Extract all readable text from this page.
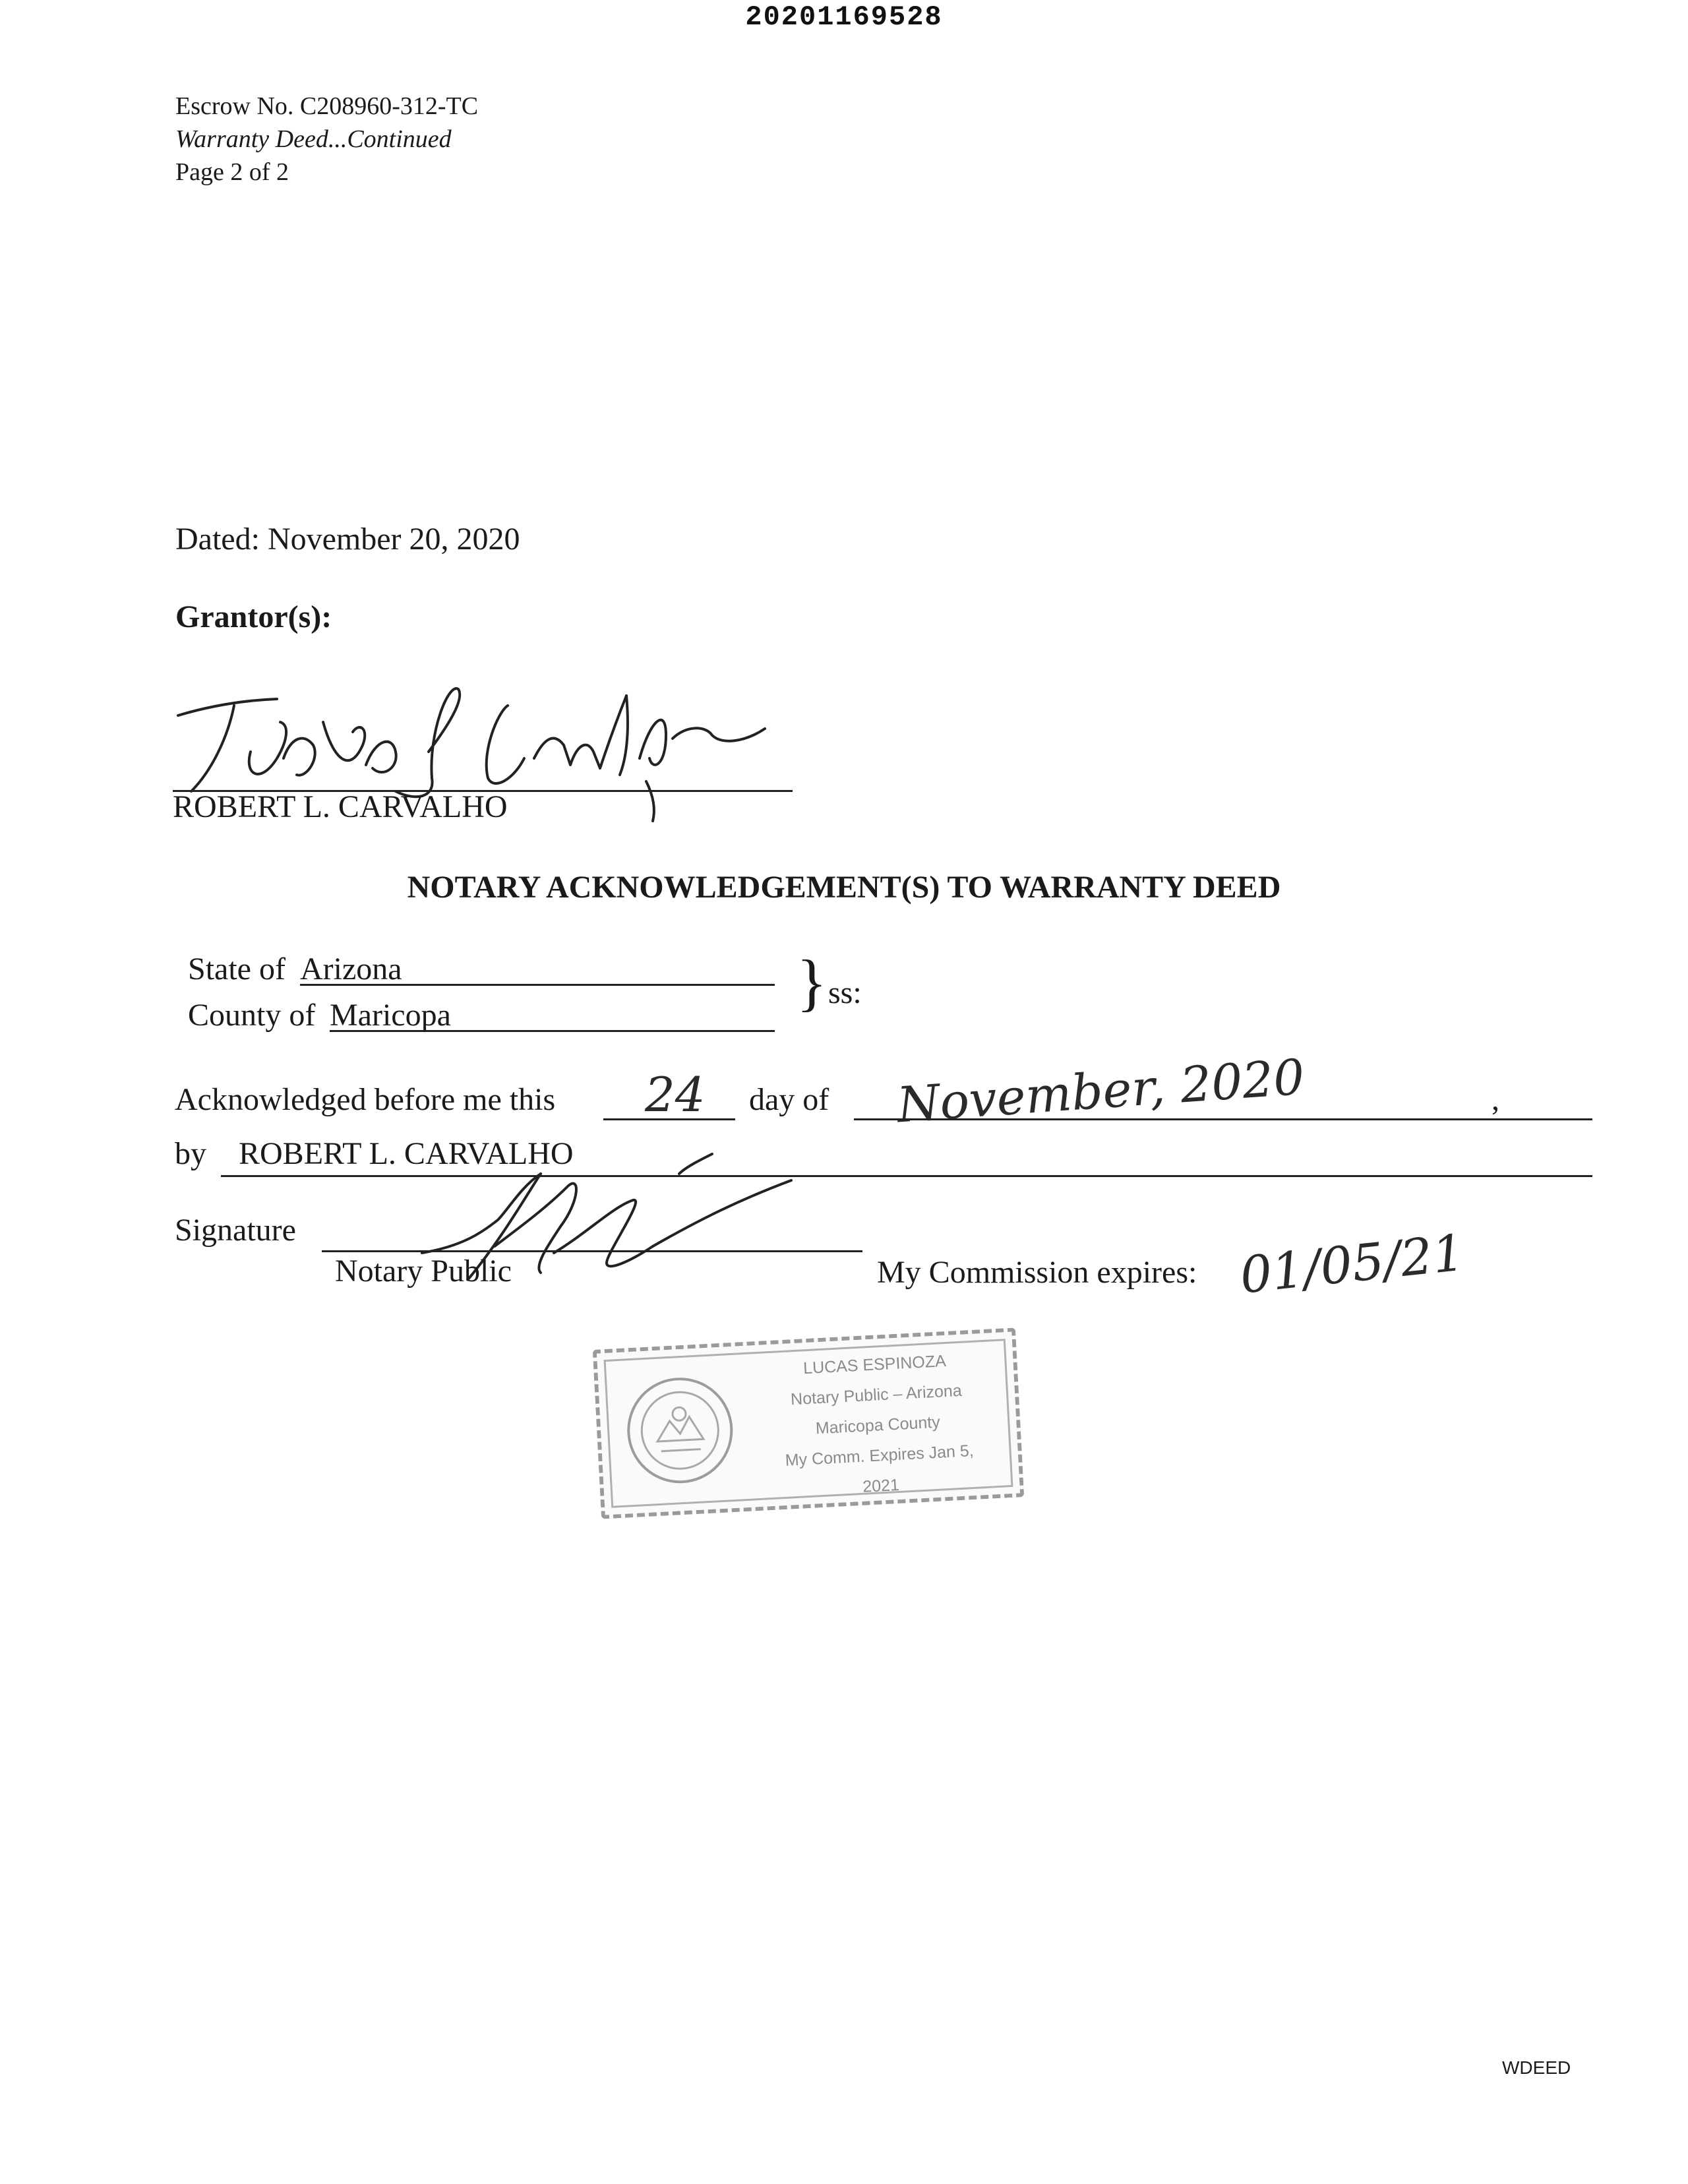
20201169528
Escrow No. C208960-312-TC
Warranty Deed...Continued
Page 2 of 2
Dated: November 20, 2020
Grantor(s):
ROBERT L. CARVALHO
NOTARY ACKNOWLEDGEMENT(S) TO WARRANTY DEED
State of Arizona
County of Maricopa	} ss:
Acknowledged before me this 24 day of November, 2020	,
by ROBERT L. CARVALHO
Signature
Notary Public	My Commission expires: 01/05/21
LUCAS ESPINOZA
Notary Public – Arizona
Maricopa County
My Comm. Expires Jan 5, 2021
WDEED
